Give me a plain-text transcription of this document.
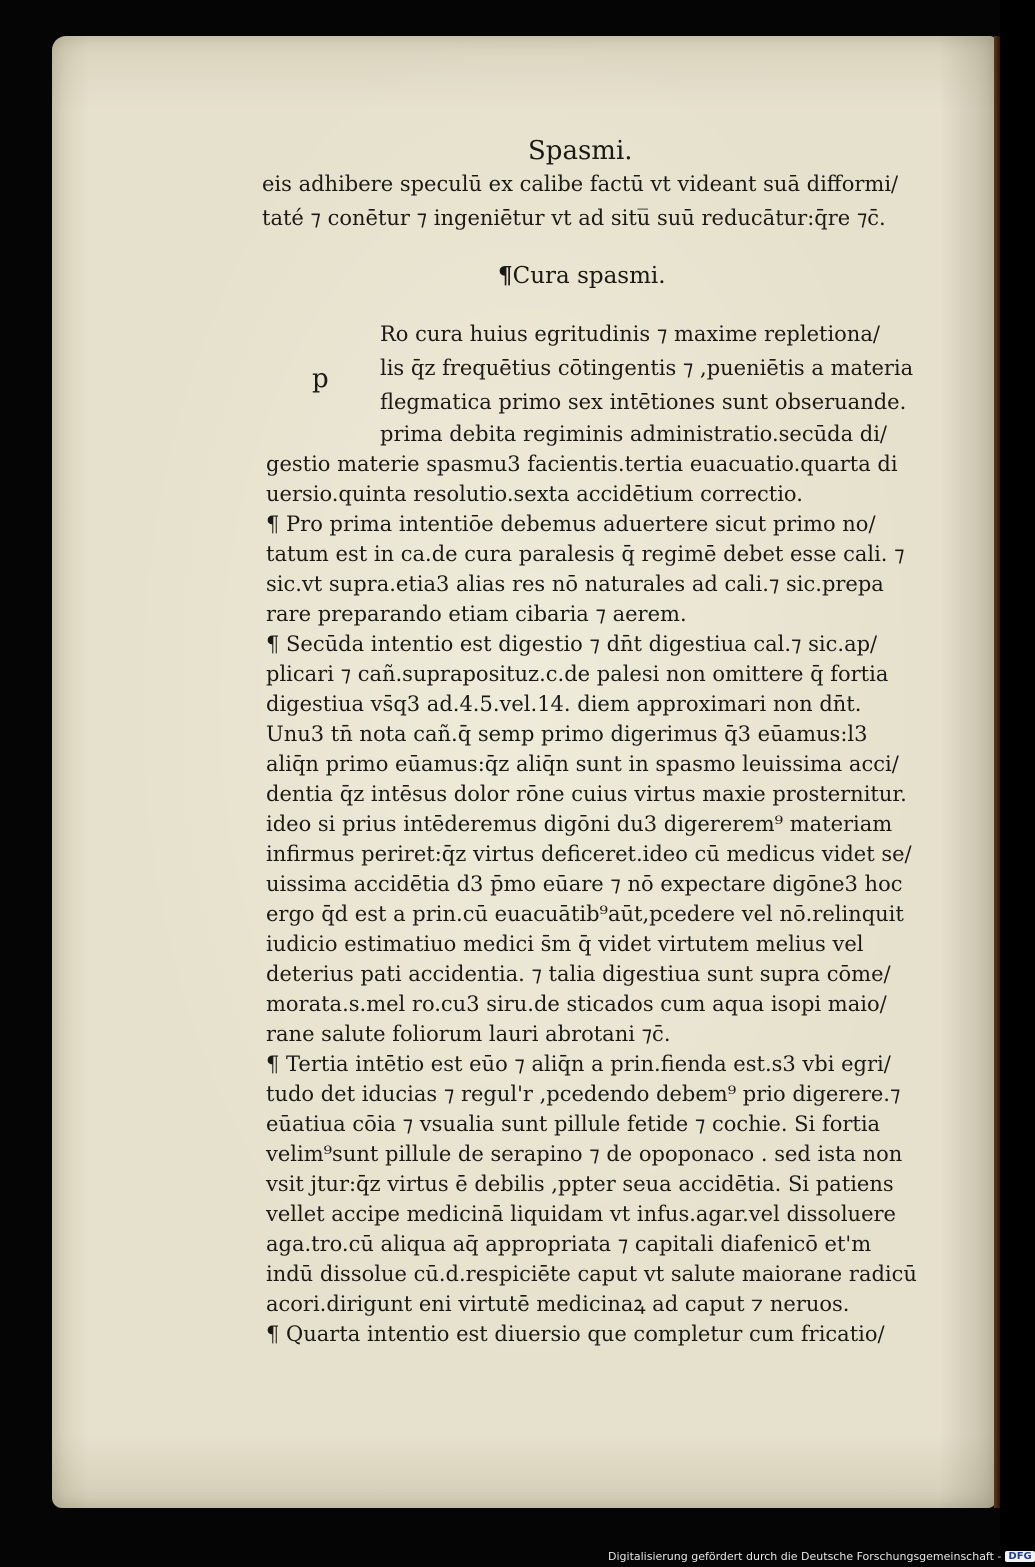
Spasmi.
eis adhibere speculū ex calibe factū vt videant suā difformi/
taté ⁊ conētur ⁊ ingeniētur vt ad situ̅ suū reducātur:q̄re ⁊c̄.
Ro cura huius egritudinis ⁊ maxime repletiona/
lis q̄z frequētius cōtingentis ⁊ ,pueniētis a materia
flegmatica primo sex intētiones sunt obseruande.
prima debita regiminis administratio.secūda di/
gestio materie spasmu3 facientis.tertia euacuatio.quarta di
uersio.quinta resolutio.sexta accidētium correctio.
¶ Pro prima intentiōe debemus aduertere sicut primo no/
tatum est in ca.de cura paralesis q̄ regimē debet esse cali. ⁊
sic.vt supra.etia3 alias res nō naturales ad cali.⁊ sic.prepa
rare preparando etiam cibaria ⁊ aerem.
¶ Secūda intentio est digestio ⁊ dn̄t digestiua cal.⁊ sic.ap/
plicari ⁊ cañ.supraposituz.c.de palesi non omittere q̄ fortia
digestiua vs̄q3 ad.4.5.vel.14. diem approximari non dn̄t.
Unu3 tn̄ nota cañ.q̄ semp primo digerimus q̄3 eūamus:l3
aliq̄n primo eūamus:q̄z aliq̄n sunt in spasmo leuissima acci/
dentia q̄z intēsus dolor rōne cuius virtus maxie prosternitur.
ideo si prius intēderemus digōni du3 digererem⁹ materiam
infirmus periret:q̄z virtus deficeret.ideo cū medicus videt se/
uissima accidētia d3 p̄mo eūare ⁊ nō expectare digōne3 hoc
ergo q̄d est a prin.cū euacuātib⁹aūt,pcedere vel nō.relinquit
iudicio estimatiuo medici s̄m q̄ videt virtutem melius vel
deterius pati accidentia. ⁊ talia digestiua sunt supra cōme/
morata.s.mel ro.cu3 siru.de sticados cum aqua isopi maio/
rane salute foliorum lauri abrotani ⁊c̄.
¶ Tertia intētio est eūo ⁊ aliq̄n a prin.fienda est.s3 vbi egri/
tudo det iducias ⁊ regul'r ,pcedendo debem⁹ prio digerere.⁊
eūatiua cōia ⁊ vsualia sunt pillule fetide ⁊ cochie. Si fortia
velim⁹sunt pillule de serapino ⁊ de opoponaco . sed ista non
vsit jtur:q̄z virtus ē debilis ,ppter seua accidētia. Si patiens
vellet accipe medicinā liquidam vt infus.agar.vel dissoluere
aga.tro.cū aliqua aq̄ appropriata ⁊ capitali diafenicō et'm
indū dissolue cū.d.respiciēte caput vt salute maiorane radicū
acori.dirigunt eni virtutē medicinaꝝ ad caput ⁊ neruos.
¶ Quarta intentio est diuersio que completur cum fricatio/
¶Cura spasmi.
p
Digitalisierung gefördert durch die Deutsche Forschungsgemeinschaft - DFG
